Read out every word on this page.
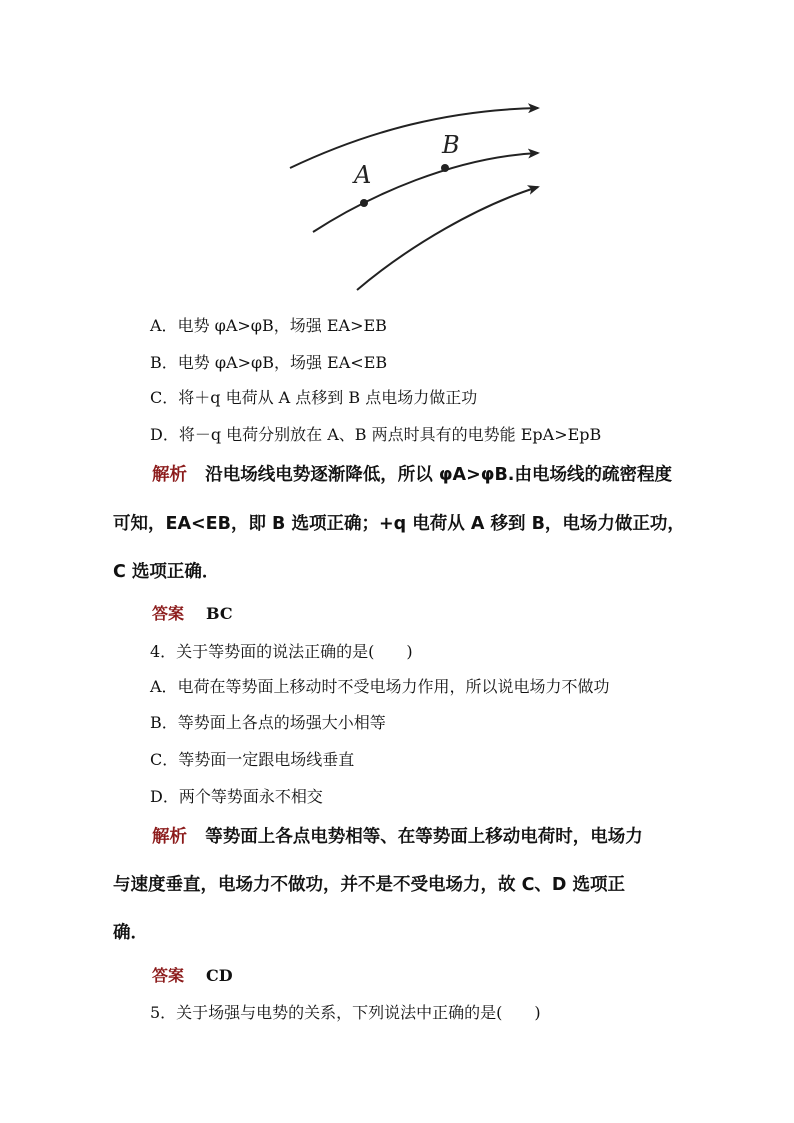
A
B
A．电势 φA>φB，场强 EA>EB
B．电势 φA>φB，场强 EA<EB
C．将＋q 电荷从 A 点移到 B 点电场力做正功
D．将－q 电荷分别放在 A、B 两点时具有的电势能 EpA>EpB
解析 沿电场线电势逐渐降低，所以 φA>φB.由电场线的疏密程度
可知，EA<EB，即 B 选项正确；+q 电荷从 A 移到 B，电场力做正功，
C 选项正确．
答案 BC
4．关于等势面的说法正确的是(　　)
A．电荷在等势面上移动时不受电场力作用，所以说电场力不做功
B．等势面上各点的场强大小相等
C．等势面一定跟电场线垂直
D．两个等势面永不相交
解析 等势面上各点电势相等、在等势面上移动电荷时，电场力
与速度垂直，电场力不做功，并不是不受电场力，故 C、D 选项正
确．
答案 CD
5．关于场强与电势的关系，下列说法中正确的是(　　)
